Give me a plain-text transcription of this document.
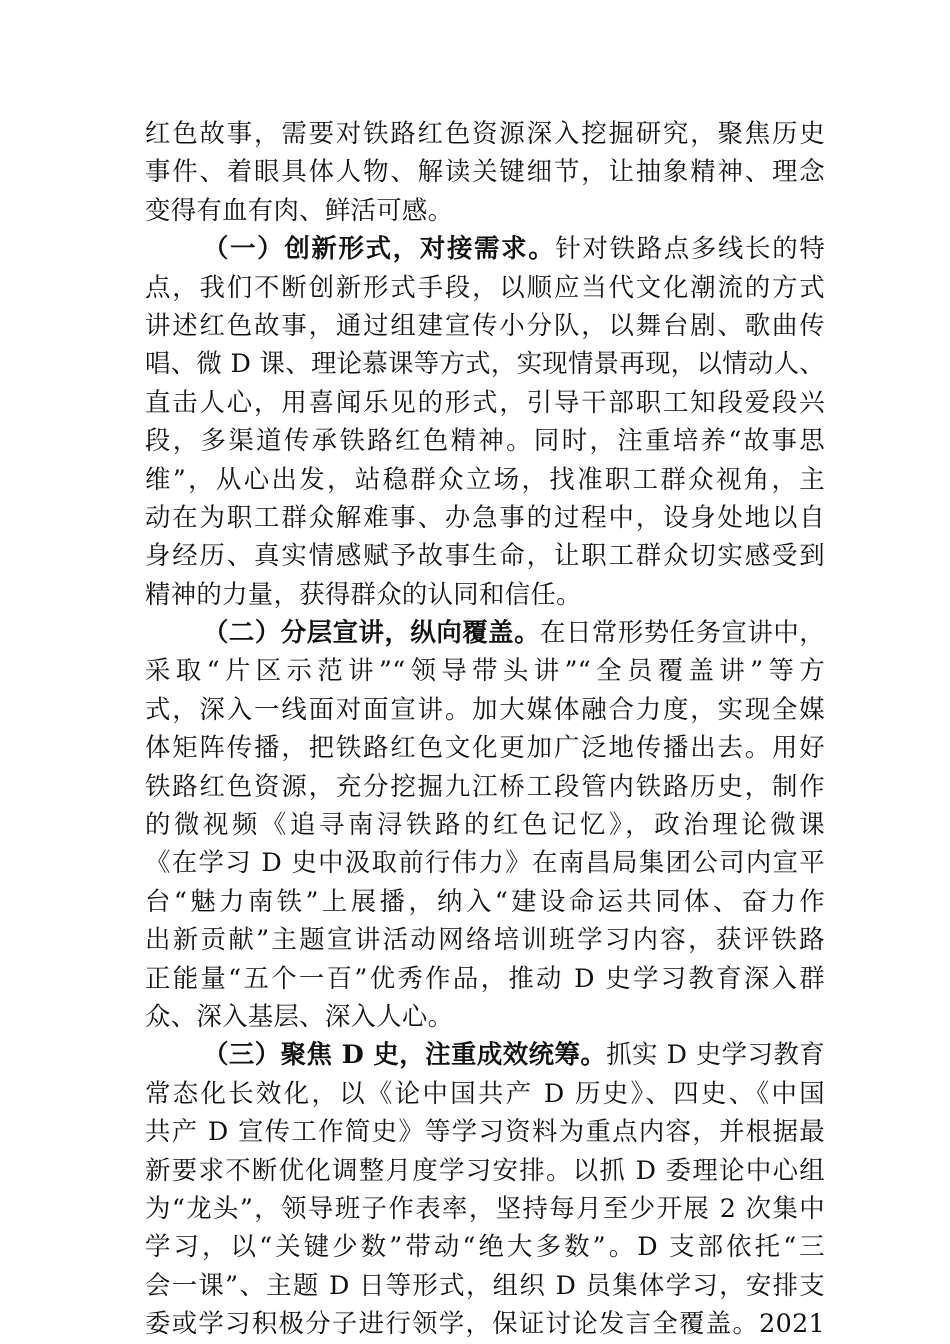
红色故事，需要对铁路红色资源深入挖掘研究，聚焦历史
事件、着眼具体人物、解读关键细节，让抽象精神、理念
变得有血有肉、鲜活可感。
（一）创新形式，对接需求。针对铁路点多线长的特
点，我们不断创新形式手段，以顺应当代文化潮流的方式
讲述红色故事，通过组建宣传小分队，以舞台剧、歌曲传
唱、微 D 课、理论慕课等方式，实现情景再现，以情动人、
直击人心，用喜闻乐见的形式，引导干部职工知段爱段兴
段，多渠道传承铁路红色精神。同时，注重培养“故事思
维”，从心出发，站稳群众立场，找准职工群众视角，主
动在为职工群众解难事、办急事的过程中，设身处地以自
身经历、真实情感赋予故事生命，让职工群众切实感受到
精神的力量，获得群众的认同和信任。
（二）分层宣讲，纵向覆盖。在日常形势任务宣讲中，
采取“片区示范讲”“领导带头讲”“全员覆盖讲”等方
式，深入一线面对面宣讲。加大媒体融合力度，实现全媒
体矩阵传播，把铁路红色文化更加广泛地传播出去。用好
铁路红色资源，充分挖掘九江桥工段管内铁路历史，制作
的微视频《追寻南浔铁路的红色记忆》，政治理论微课
《在学习 D 史中汲取前行伟力》在南昌局集团公司内宣平
台“魅力南铁”上展播，纳入“建设命运共同体、奋力作
出新贡献”主题宣讲活动网络培训班学习内容，获评铁路
正能量“五个一百”优秀作品，推动 D 史学习教育深入群
众、深入基层、深入人心。
（三）聚焦 D 史，注重成效统筹。抓实 D 史学习教育
常态化长效化，以《论中国共产 D 历史》、四史、《中国
共产 D 宣传工作简史》等学习资料为重点内容，并根据最
新要求不断优化调整月度学习安排。以抓 D 委理论中心组
为“龙头”，领导班子作表率，坚持每月至少开展 2 次集中
学习，以“关键少数”带动“绝大多数”。D 支部依托“三
会一课”、主题 D 日等形式，组织 D 员集体学习，安排支
委或学习积极分子进行领学，保证讨论发言全覆盖。2021
